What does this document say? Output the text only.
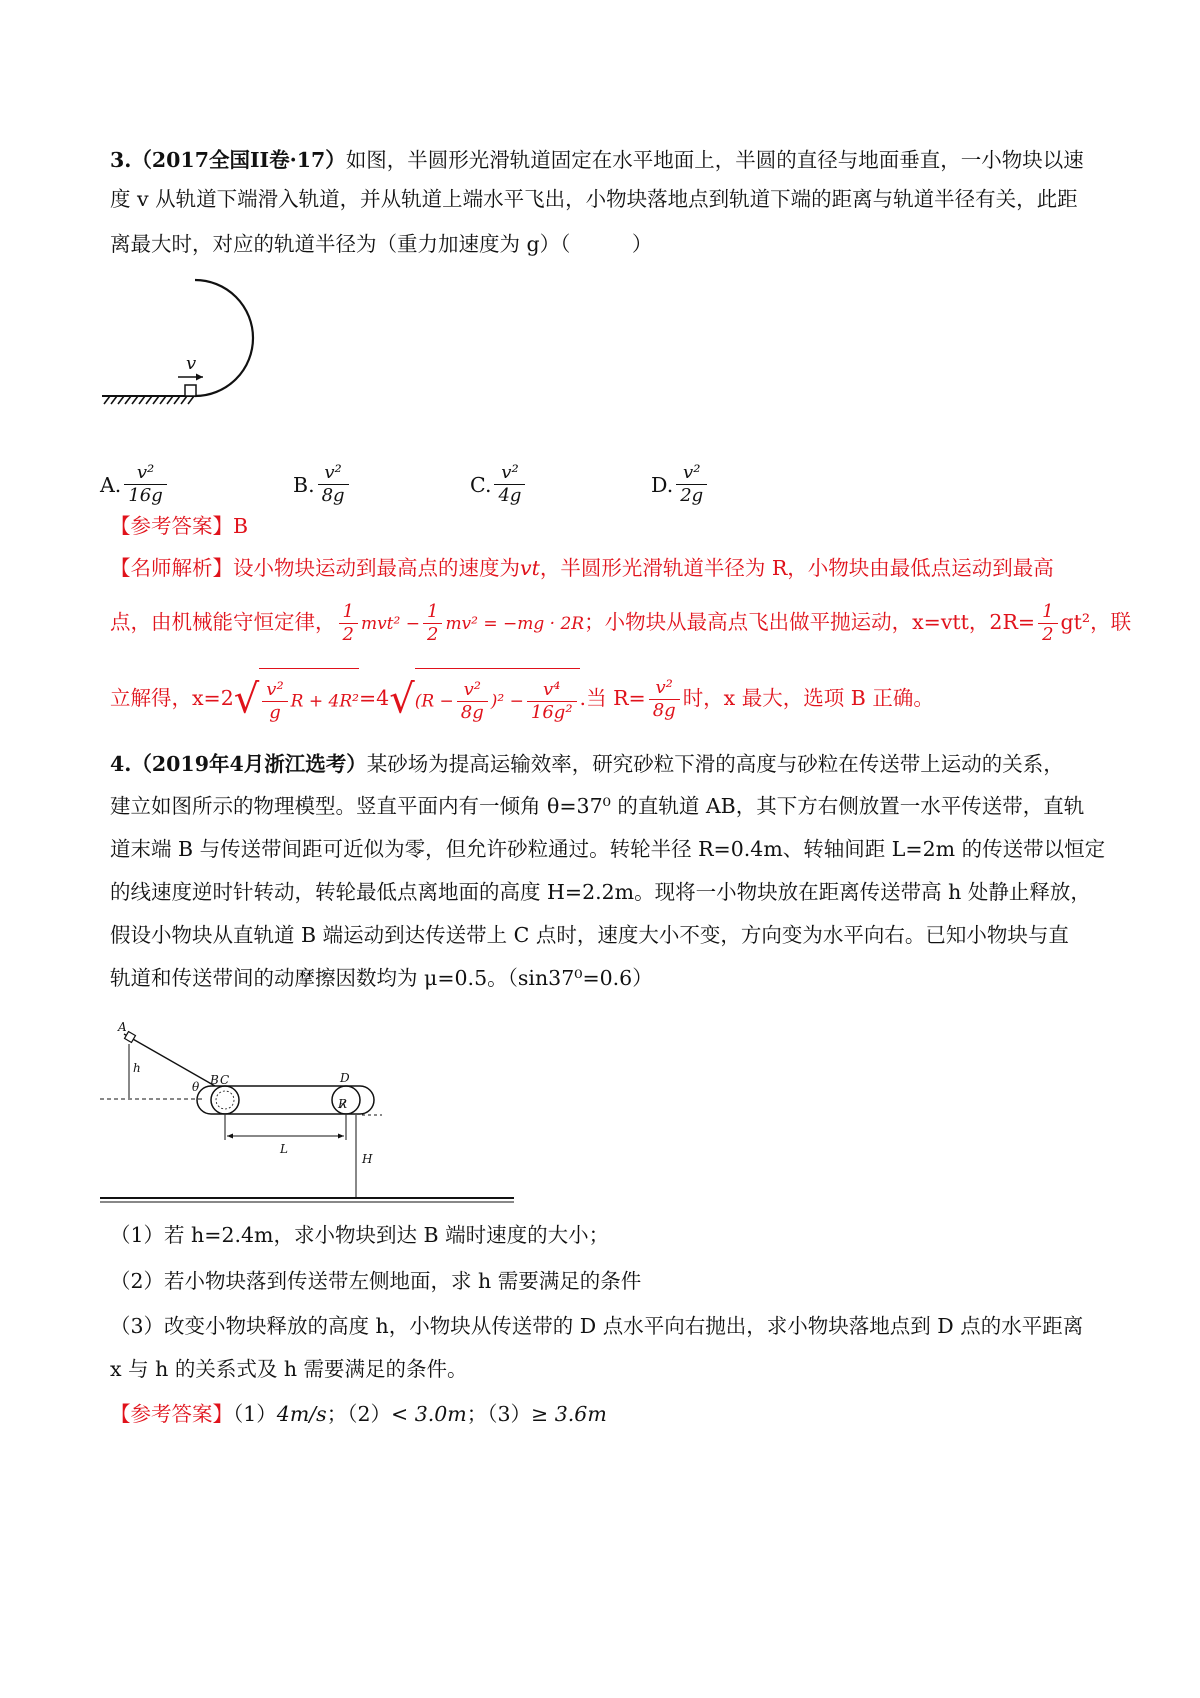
3.（2017全国II卷·17）如图，半圆形光滑轨道固定在水平地面上，半圆的直径与地面垂直，一小物块以速
度 v 从轨道下端滑入轨道，并从轨道上端水平飞出，小物块落地点到轨道下端的距离与轨道半径有关，此距
离最大时，对应的轨道半径为（重力加速度为 g）（　　　）
v
A. $\frac{\text{v²}}{16g}$	B. $\frac{\text{v²}}{8g}$	C. $\frac{\text{v²}}{4g}$	D. $\frac{\text{v²}}{2g}$
【参考答案】B
【名师解析】设小物块运动到最高点的速度为vt，半圆形光滑轨道半径为 R，小物块由最低点运动到最高
点，由机械能守恒定律， $\frac{1}{2} mvt^2 - \frac{1}{2} mv^2 = -mg \cdot 2R$；小物块从最高点飞出做平抛运动，x=vtt，$2R= \frac{1}{2} gt^2$，联
立解得，$x=2√ \frac{\text{v²}}{g}$ $R + 4R^2=4√(R - \frac{\text{v²}}{8g} )^2 - \frac{\text{v⁴}}{\text{16g²}}$ .当 $R= \frac{\text{v²}}{8g}$ 时，x 最大，选项 B 正确。
4.（2019年4月浙江选考）某砂场为提高运输效率，研究砂粒下滑的高度与砂粒在传送带上运动的关系，
建立如图所示的物理模型。竖直平面内有一倾角 θ=37⁰ 的直轨道 AB，其下方右侧放置一水平传送带，直轨
道末端 B 与传送带间距可近似为零，但允许砂粒通过。转轮半径 R=0.4m、转轴间距 L=2m 的传送带以恒定
的线速度逆时针转动，转轮最低点离地面的高度 H=2.2m。现将一小物块放在距离传送带高 h 处静止释放，
假设小物块从直轨道 B 端运动到达传送带上 C 点时，速度大小不变，方向变为水平向右。已知小物块与直
轨道和传送带间的动摩擦因数均为 μ=0.5。（sin37⁰=0.6）
A
h
θ B C	D
R
L
H
（1）若 h=2.4m，求小物块到达 B 端时速度的大小；
（2）若小物块落到传送带左侧地面，求 h 需要满足的条件
（3）改变小物块释放的高度 h，小物块从传送带的 D 点水平向右抛出，求小物块落地点到 D 点的水平距离
x 与 h 的关系式及 h 需要满足的条件。
【参考答案】（1）4m/s；（2）< 3.0m；（3）≥ 3.6m
